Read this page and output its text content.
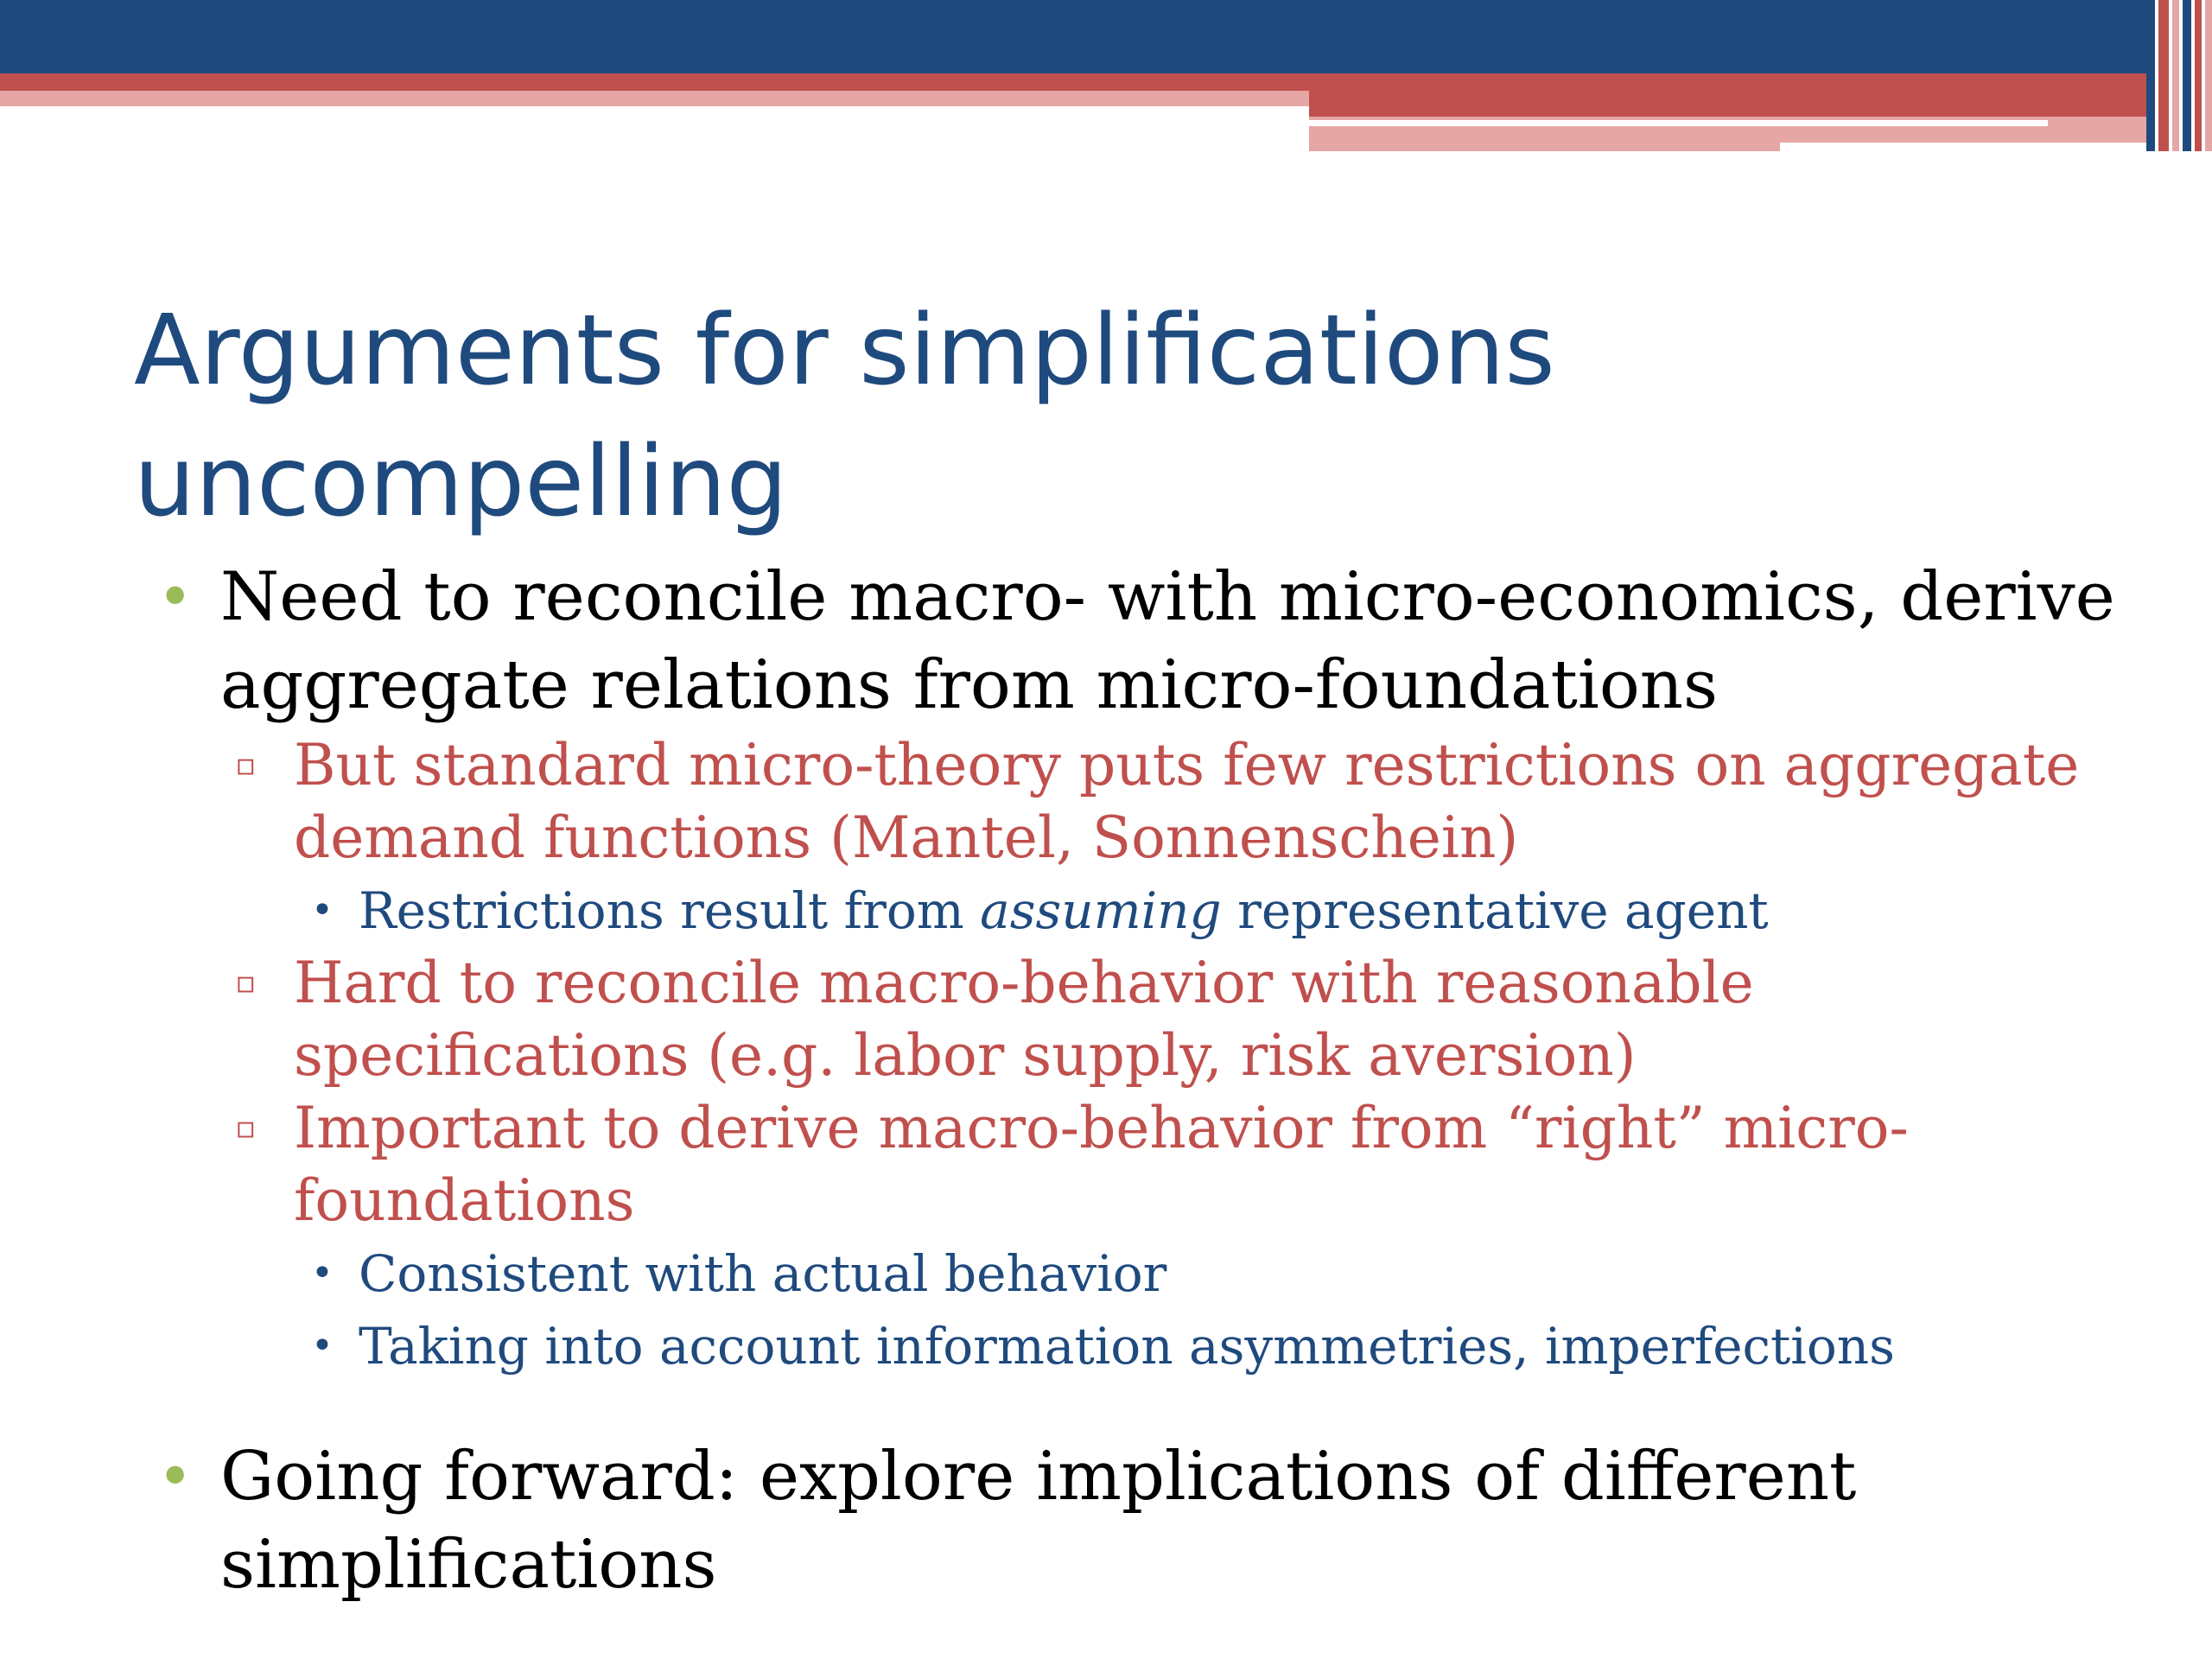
Arguments for simplifications uncompelling

• Need to reconcile macro- with micro-economics, derive aggregate relations from micro-foundations

▫ But standard micro-theory puts few restrictions on aggregate demand functions (Mantel, Sonnenschein)

• Restrictions result from assuming representative agent

▫ Hard to reconcile macro-behavior with reasonable specifications (e.g. labor supply, risk aversion)

▫ Important to derive macro-behavior from “right” micro-foundations

• Consistent with actual behavior

• Taking into account information asymmetries, imperfections

• Going forward: explore implications of different simplifications
